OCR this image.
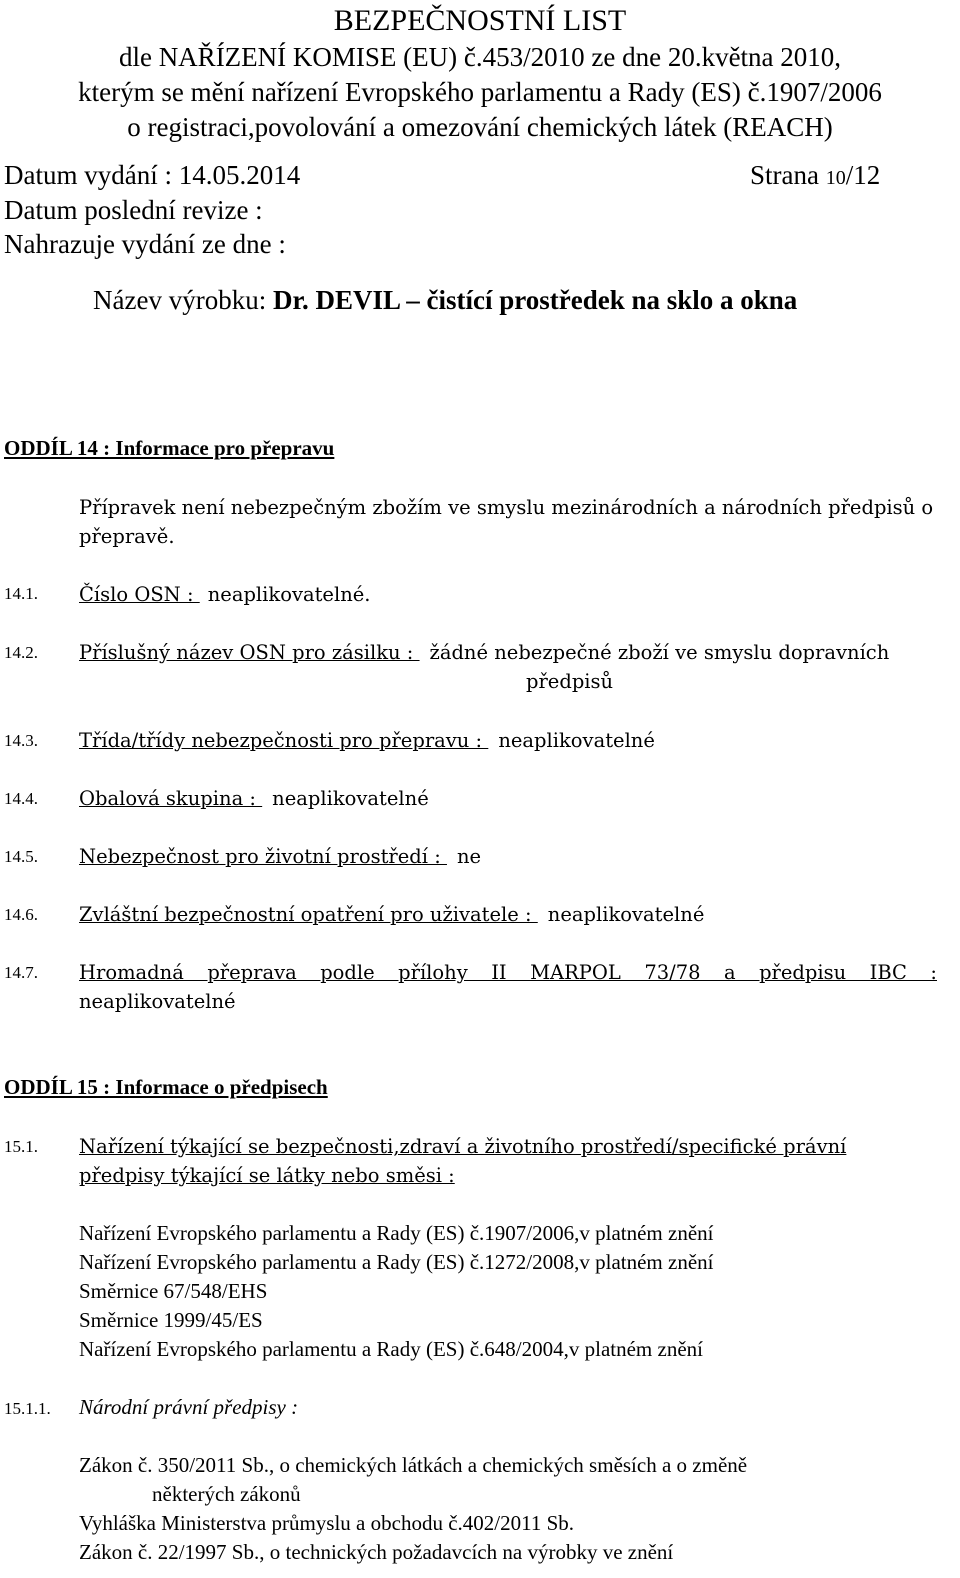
BEZPEČNOSTNÍ LIST
dle NAŘÍZENÍ KOMISE (EU) č.453/2010 ze dne 20.května 2010,
kterým se mění nařízení Evropského parlamentu a Rady (ES) č.1907/2006
o registraci,povolování a omezování chemických látek (REACH)
Datum vydání : 14.05.2014	Strana 10/12
Datum poslední revize :
Nahrazuje vydání ze dne :
Název výrobku: Dr. DEVIL – čistící prostředek na sklo a okna
ODDÍL 14 : Informace pro přepravu
Přípravek není nebezpečným zbožím ve smyslu mezinárodních a národních předpisů o
přepravě.
14.1. Číslo OSN : neaplikovatelné.
14.2. Příslušný název OSN pro zásilku : žádné nebezpečné zboží ve smyslu dopravních
předpisů
14.3. Třída/třídy nebezpečnosti pro přepravu : neaplikovatelné
14.4. Obalová skupina : neaplikovatelné
14.5. Nebezpečnost pro životní prostředí : ne
14.6. Zvláštní bezpečnostní opatření pro uživatele : neaplikovatelné
14.7. Hromadná přeprava podle přílohy II MARPOL 73/78 a předpisu IBC :
neaplikovatelné
ODDÍL 15 : Informace o předpisech
15.1. Nařízení týkající se bezpečnosti,zdraví a životního prostředí/specifické právní
předpisy týkající se látky nebo směsi :
Nařízení Evropského parlamentu a Rady (ES) č.1907/2006,v platném znění
Nařízení Evropského parlamentu a Rady (ES) č.1272/2008,v platném znění
Směrnice 67/548/EHS
Směrnice 1999/45/ES
Nařízení Evropského parlamentu a Rady (ES) č.648/2004,v platném znění
15.1.1. Národní právní předpisy :
Zákon č. 350/2011 Sb., o chemických látkách a chemických směsích a o změně
některých zákonů
Vyhláška Ministerstva průmyslu a obchodu č.402/2011 Sb.
Zákon č. 22/1997 Sb., o technických požadavcích na výrobky ve znění
